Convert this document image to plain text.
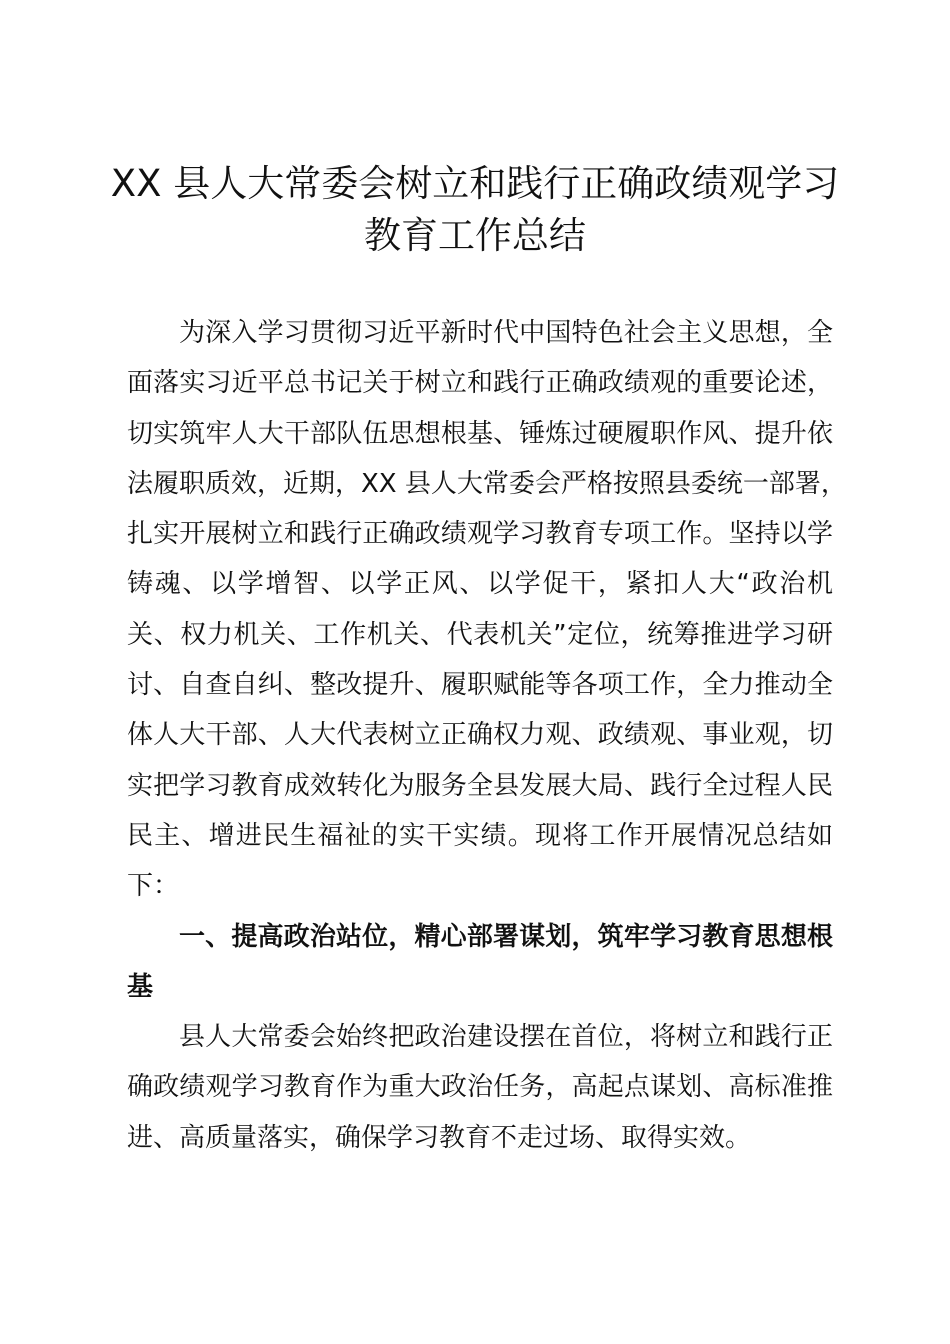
XX 县人大常委会树立和践行正确政绩观学习
教育工作总结
为深入学习贯彻习近平新时代中国特色社会主义思想，全
面落实习近平总书记关于树立和践行正确政绩观的重要论述，
切实筑牢人大干部队伍思想根基、锤炼过硬履职作风、提升依
法履职质效，近期，XX 县人大常委会严格按照县委统一部署，
扎实开展树立和践行正确政绩观学习教育专项工作。坚持以学
铸魂、以学增智、以学正风、以学促干，紧扣人大“政治机
关、权力机关、工作机关、代表机关”定位，统筹推进学习研
讨、自查自纠、整改提升、履职赋能等各项工作，全力推动全
体人大干部、人大代表树立正确权力观、政绩观、事业观，切
实把学习教育成效转化为服务全县发展大局、践行全过程人民
民主、增进民生福祉的实干实绩。现将工作开展情况总结如
下：
一、提高政治站位，精心部署谋划，筑牢学习教育思想根
基
县人大常委会始终把政治建设摆在首位，将树立和践行正
确政绩观学习教育作为重大政治任务，高起点谋划、高标准推
进、高质量落实，确保学习教育不走过场、取得实效。
